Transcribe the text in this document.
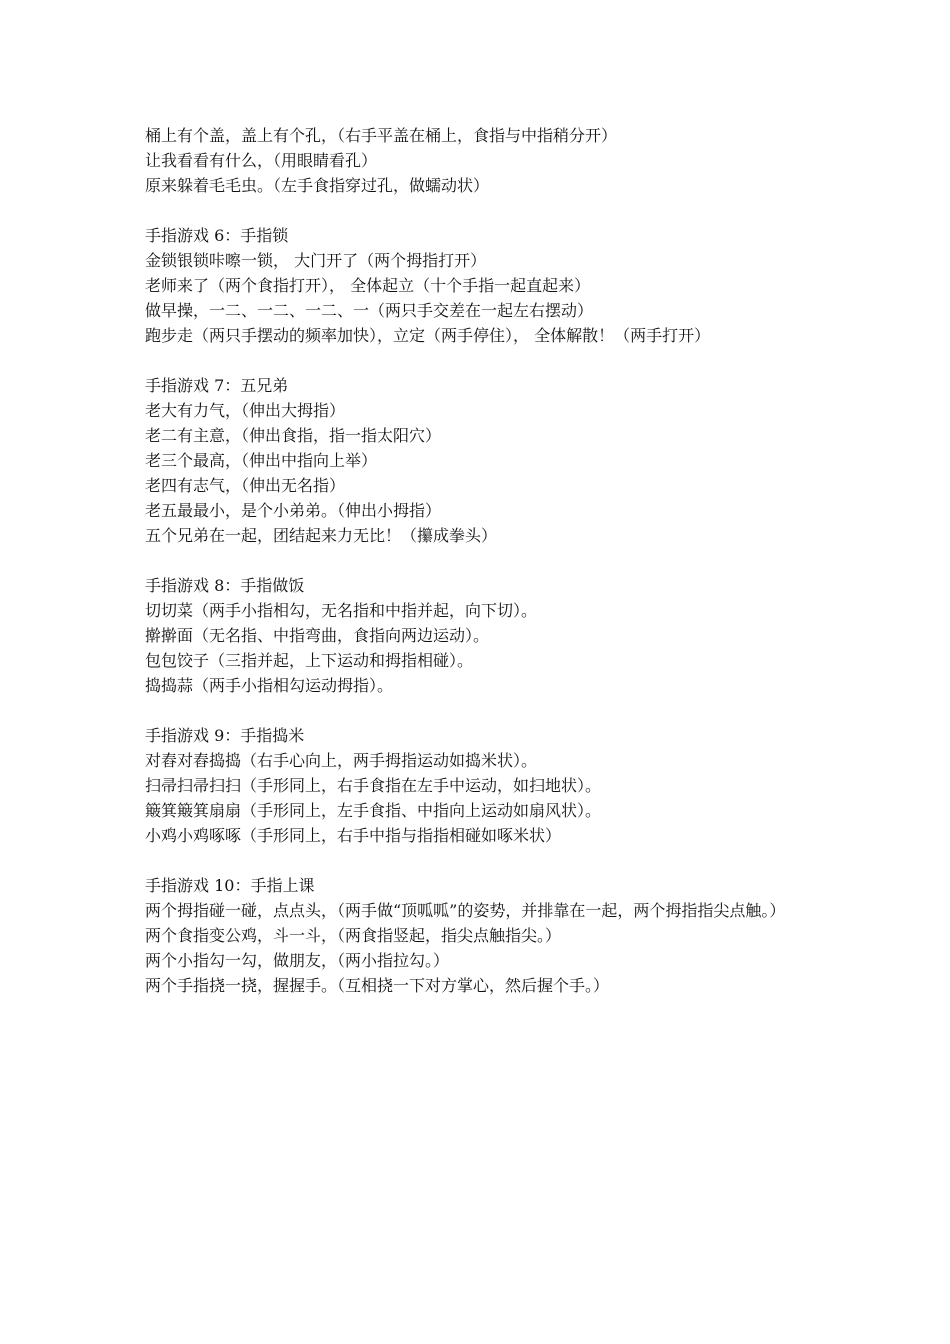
桶上有个盖，盖上有个孔，（右手平盖在桶上，食指与中指稍分开）
让我看看有什么，（用眼睛看孔）
原来躲着毛毛虫。（左手食指穿过孔，做蠕动状）
手指游戏 6：手指锁
金锁银锁咔嚓一锁， 大门开了（两个拇指打开）
老师来了（两个食指打开）， 全体起立（十个手指一起直起来）
做早操，一二、一二、一二、一（两只手交差在一起左右摆动）
跑步走（两只手摆动的频率加快），立定（两手停住）， 全体解散！（两手打开）
手指游戏 7：五兄弟
老大有力气，（伸出大拇指）
老二有主意，（伸出食指，指一指太阳穴）
老三个最高，（伸出中指向上举）
老四有志气，（伸出无名指）
老五最最小，是个小弟弟。（伸出小拇指）
五个兄弟在一起，团结起来力无比！（攥成拳头）
手指游戏 8：手指做饭
切切菜（两手小指相勾，无名指和中指并起，向下切）。
擀擀面（无名指、中指弯曲，食指向两边运动）。
包包饺子（三指并起，上下运动和拇指相碰）。
捣捣蒜（两手小指相勾运动拇指）。
手指游戏 9：手指捣米
对舂对舂捣捣（右手心向上，两手拇指运动如捣米状）。
扫帚扫帚扫扫（手形同上，右手食指在左手中运动，如扫地状）。
簸箕簸箕扇扇（手形同上，左手食指、中指向上运动如扇风状）。
小鸡小鸡啄啄（手形同上，右手中指与指指相碰如啄米状）
手指游戏 10：手指上课
两个拇指碰一碰，点点头，（两手做“顶呱呱”的姿势，并排靠在一起，两个拇指指尖点触。）
两个食指变公鸡，斗一斗，（两食指竖起，指尖点触指尖。）
两个小指勾一勾，做朋友，（两小指拉勾。）
两个手指挠一挠，握握手。（互相挠一下对方掌心，然后握个手。）
